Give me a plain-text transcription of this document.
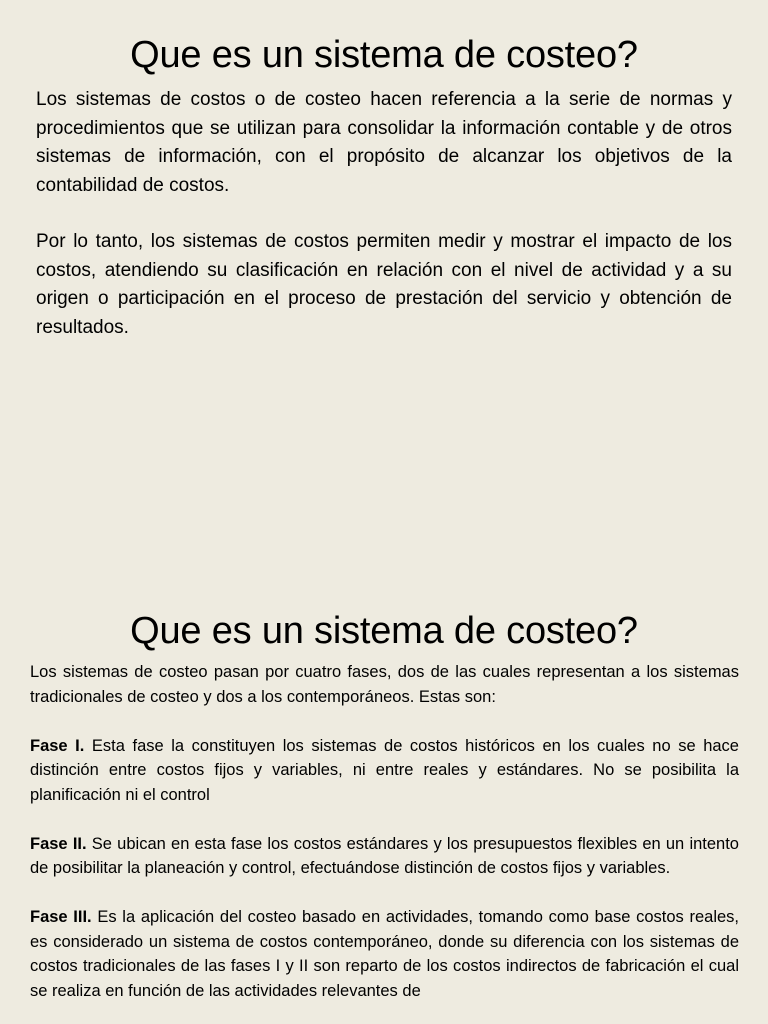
Que es un sistema de costeo?

Los sistemas de costos o de costeo hacen referencia a la serie de normas y procedimientos que se utilizan para consolidar la información contable y de otros sistemas de información, con el propósito de alcanzar los objetivos de la contabilidad de costos.

Por lo tanto, los sistemas de costos permiten medir y mostrar el impacto de los costos, atendiendo su clasificación en relación con el nivel de actividad y a su origen o participación en el proceso de prestación del servicio y obtención de resultados.

Que es un sistema de costeo?

Los sistemas de costeo pasan por cuatro fases, dos de las cuales representan a los sistemas tradicionales de costeo y dos a los contemporáneos. Estas son:

Fase I. Esta fase la constituyen los sistemas de costos históricos en los cuales no se hace distinción entre costos fijos y variables, ni entre reales y estándares. No se posibilita la planificación ni el control

Fase II. Se ubican en esta fase los costos estándares y los presupuestos flexibles en un intento de posibilitar la planeación y control, efectuándose distinción de costos fijos y variables.

Fase III. Es la aplicación del costeo basado en actividades, tomando como base costos reales, es considerado un sistema de costos contemporáneo, donde su diferencia con los sistemas de costos tradicionales de las fases I y II son reparto de los costos indirectos de fabricación el cual se realiza en función de las actividades relevantes de
